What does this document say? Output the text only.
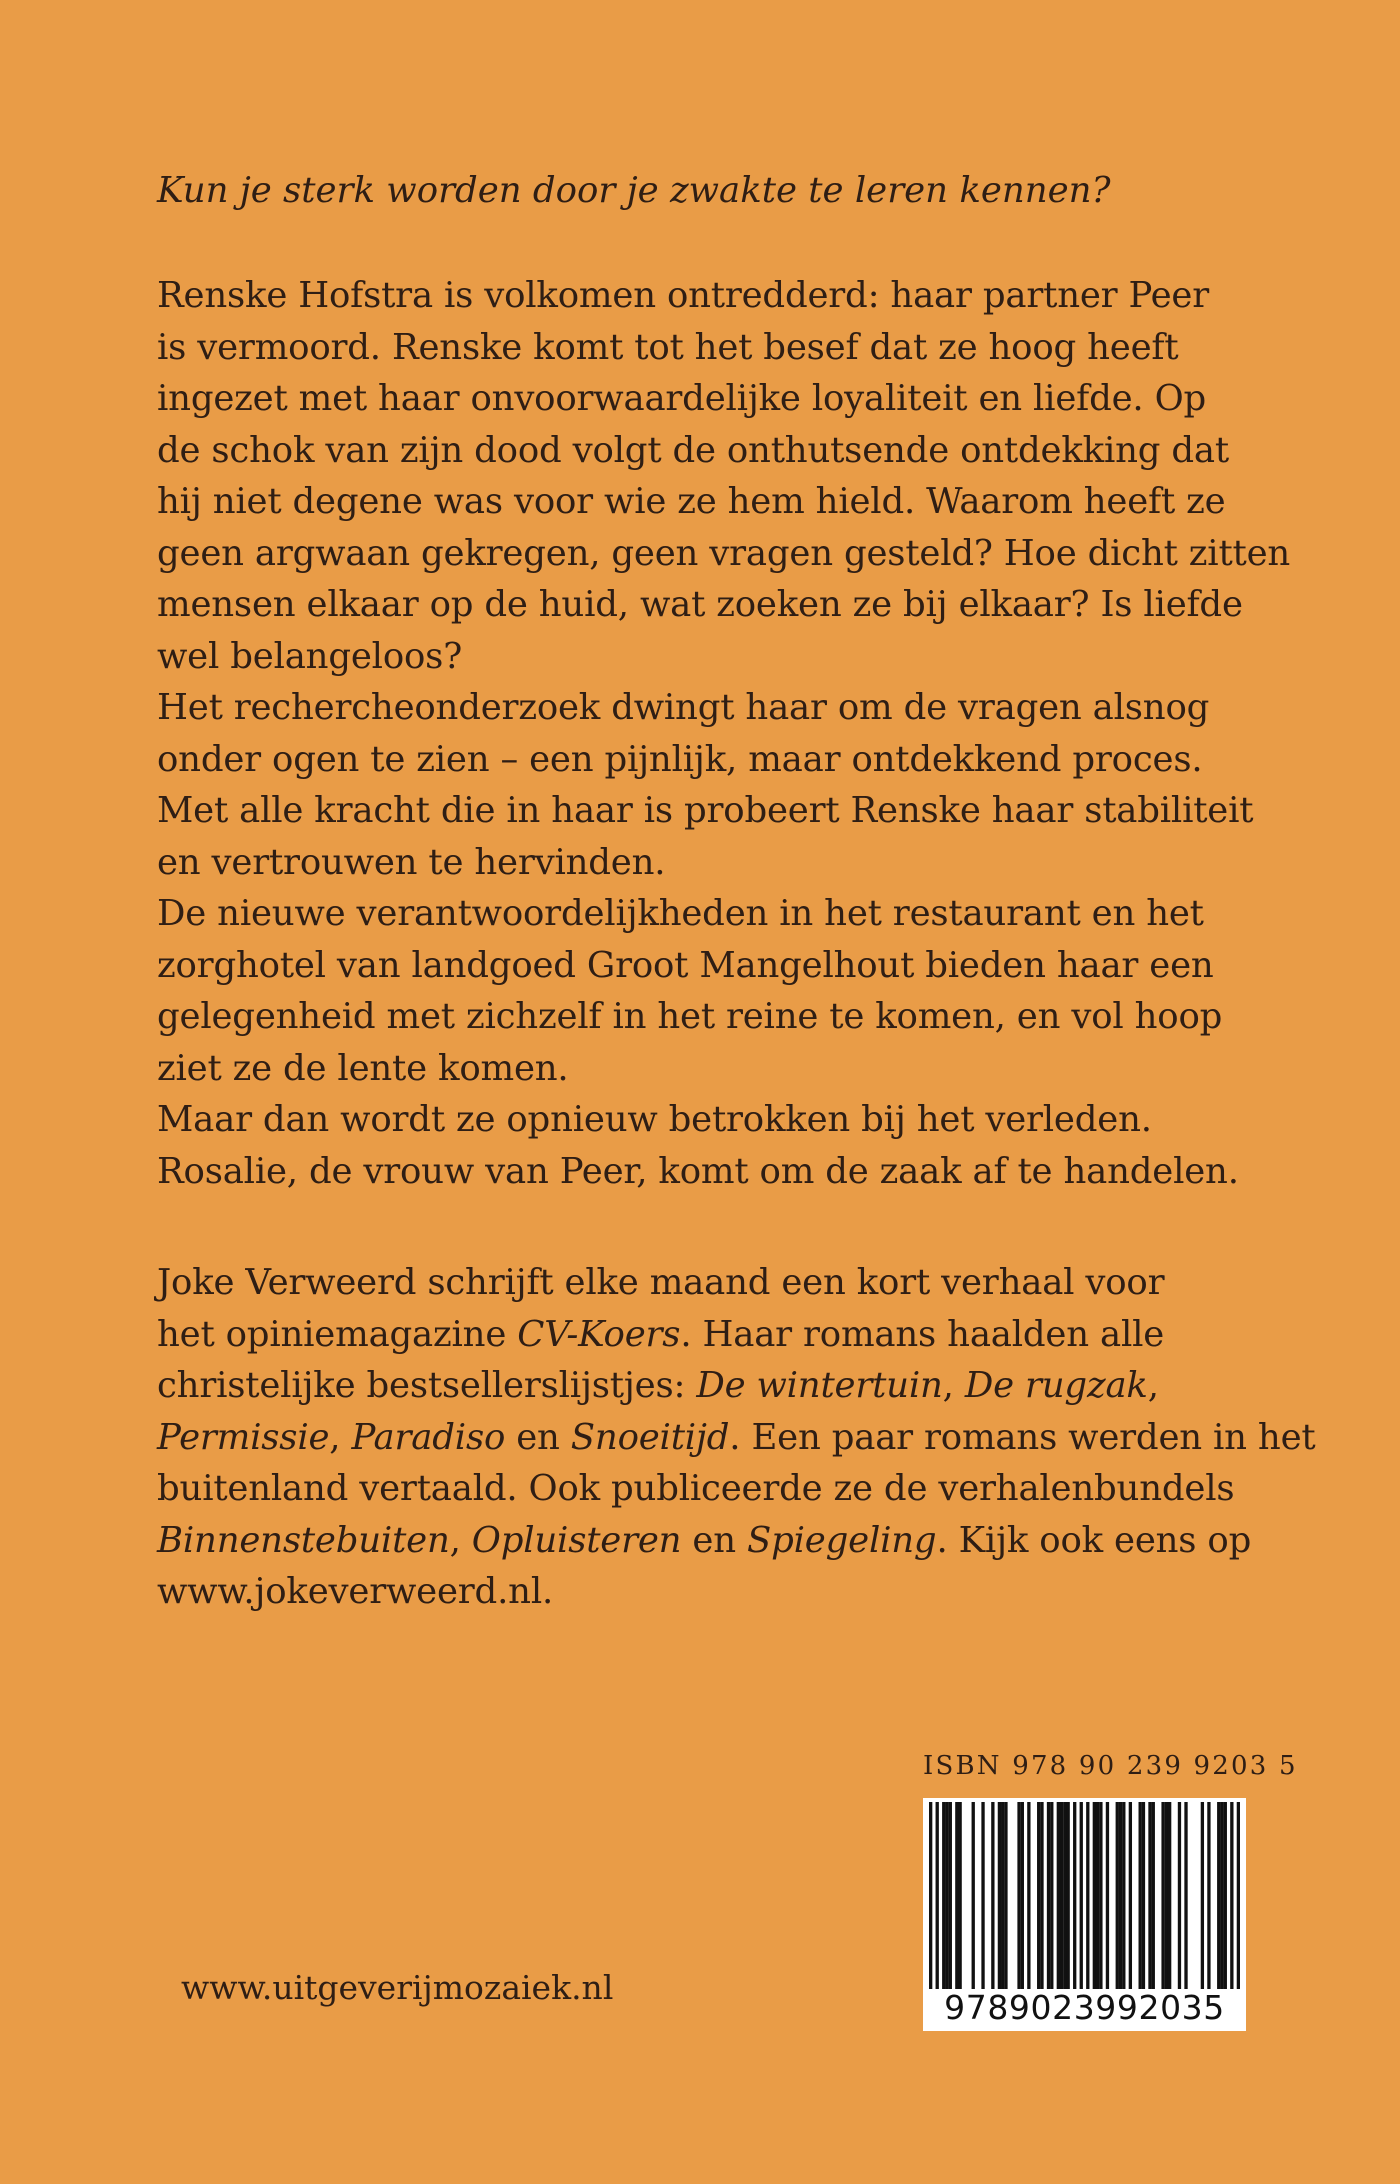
Kun je sterk worden door je zwakte te leren kennen?
Renske Hofstra is volkomen ontredderd: haar partner Peer
is vermoord. Renske komt tot het besef dat ze hoog heeft
ingezet met haar onvoorwaardelijke loyaliteit en liefde. Op
de schok van zijn dood volgt de onthutsende ontdekking dat
hij niet degene was voor wie ze hem hield. Waarom heeft ze
geen argwaan gekregen, geen vragen gesteld? Hoe dicht zitten
mensen elkaar op de huid, wat zoeken ze bij elkaar? Is liefde
wel belangeloos?
Het rechercheonderzoek dwingt haar om de vragen alsnog
onder ogen te zien – een pijnlijk, maar ontdekkend proces.
Met alle kracht die in haar is probeert Renske haar stabiliteit
en vertrouwen te hervinden.
De nieuwe verantwoordelijkheden in het restaurant en het
zorghotel van landgoed Groot Mangelhout bieden haar een
gelegenheid met zichzelf in het reine te komen, en vol hoop
ziet ze de lente komen.
Maar dan wordt ze opnieuw betrokken bij het verleden.
Rosalie, de vrouw van Peer, komt om de zaak af te handelen.
Joke Verweerd schrijft elke maand een kort verhaal voor
het opiniemagazine CV-Koers. Haar romans haalden alle
christelijke bestsellerslijstjes: De wintertuin, De rugzak,
Permissie, Paradiso en Snoeitijd. Een paar romans werden in het
buitenland vertaald. Ook publiceerde ze de verhalenbundels
Binnenstebuiten, Opluisteren en Spiegeling. Kijk ook eens op
www.jokeverweerd.nl.
ISBN 978 90 239 9203 5
9789023992035
www.uitgeverijmozaiek.nl
